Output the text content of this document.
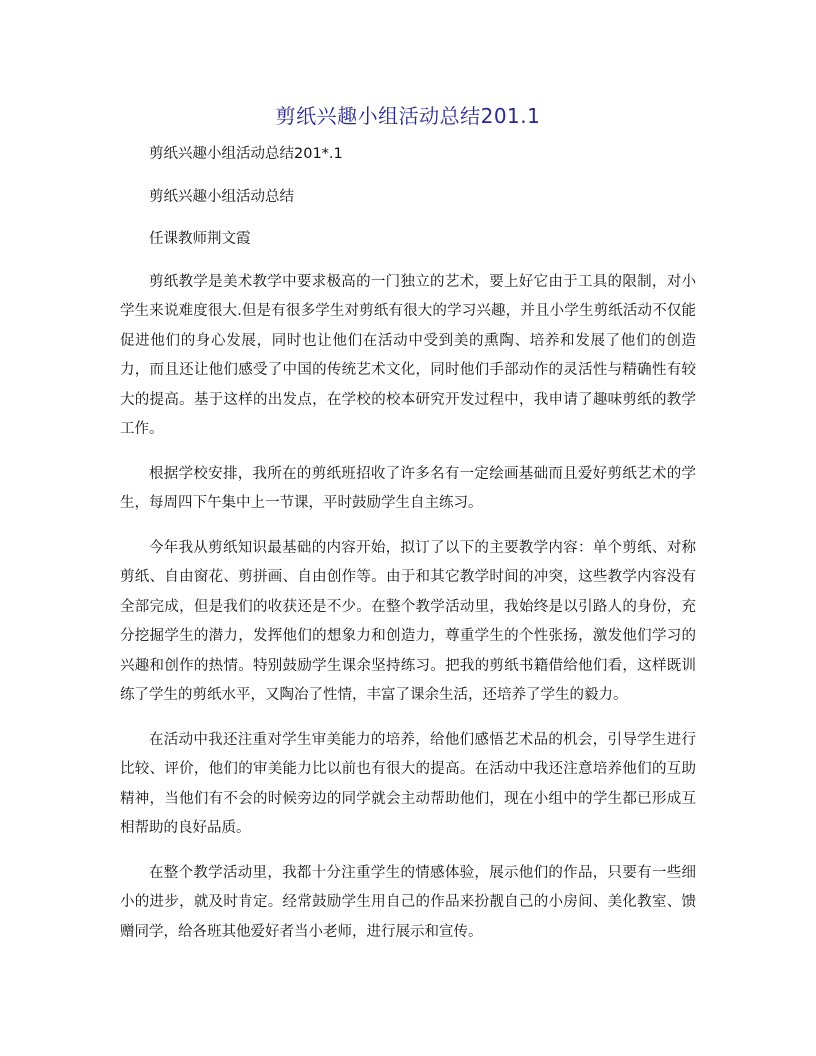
剪纸兴趣小组活动总结201.1

剪纸兴趣小组活动总结201*.1

剪纸兴趣小组活动总结

任课教师荆文霞

剪纸教学是美术教学中要求极高的一门独立的艺术，要上好它由于工具的限制，对小学生来说难度很大.但是有很多学生对剪纸有很大的学习兴趣，并且小学生剪纸活动不仅能促进他们的身心发展，同时也让他们在活动中受到美的熏陶、培养和发展了他们的创造力，而且还让他们感受了中国的传统艺术文化，同时他们手部动作的灵活性与精确性有较大的提高。基于这样的出发点，在学校的校本研究开发过程中，我申请了趣味剪纸的教学工作。

根据学校安排，我所在的剪纸班招收了许多名有一定绘画基础而且爱好剪纸艺术的学生，每周四下午集中上一节课，平时鼓励学生自主练习。

今年我从剪纸知识最基础的内容开始，拟订了以下的主要教学内容：单个剪纸、对称剪纸、自由窗花、剪拼画、自由创作等。由于和其它教学时间的冲突，这些教学内容没有全部完成，但是我们的收获还是不少。在整个教学活动里，我始终是以引路人的身份，充分挖掘学生的潜力，发挥他们的想象力和创造力，尊重学生的个性张扬，激发他们学习的兴趣和创作的热情。特别鼓励学生课余坚持练习。把我的剪纸书籍借给他们看，这样既训练了学生的剪纸水平，又陶冶了性情，丰富了课余生活，还培养了学生的毅力。

在活动中我还注重对学生审美能力的培养，给他们感悟艺术品的机会，引导学生进行比较、评价，他们的审美能力比以前也有很大的提高。在活动中我还注意培养他们的互助精神，当他们有不会的时候旁边的同学就会主动帮助他们，现在小组中的学生都已形成互相帮助的良好品质。

在整个教学活动里，我都十分注重学生的情感体验，展示他们的作品，只要有一些细小的进步，就及时肯定。经常鼓励学生用自己的作品来扮靓自己的小房间、美化教室、馈赠同学，给各班其他爱好者当小老师，进行展示和宣传。
